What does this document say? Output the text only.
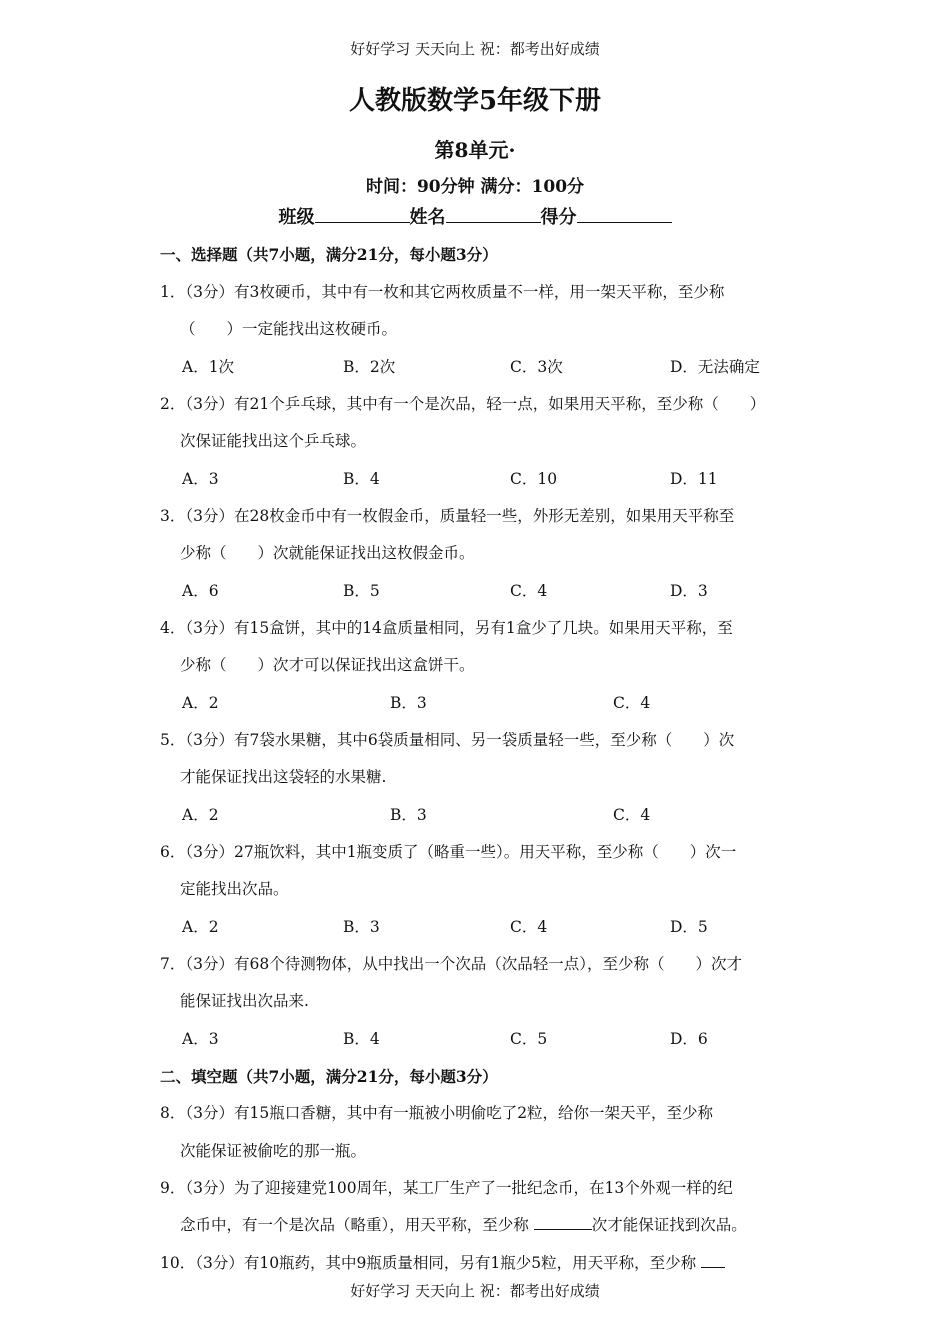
好好学习 天天向上 祝：都考出好成绩
人教版数学5年级下册
第8单元·
时间：90分钟 满分：100分
班级	姓名	得分
一、选择题（共7小题，满分21分，每小题3分）
1．（3分）有3枚硬币，其中有一枚和其它两枚质量不一样，用一架天平称，至少称
（　　）一定能找出这枚硬币。
A．1次	B．2次	C．3次	D．无法确定
2．（3分）有21个乒乓球，其中有一个是次品，轻一点，如果用天平称，至少称（　　）
次保证能找出这个乒乓球。
A．3	B．4	C．10	D．11
3．（3分）在28枚金币中有一枚假金币，质量轻一些，外形无差别，如果用天平称至
少称（　　）次就能保证找出这枚假金币。
A．6	B．5	C．4	D．3
4．（3分）有15盒饼，其中的14盒质量相同，另有1盒少了几块。如果用天平称，至
少称（　　）次才可以保证找出这盒饼干。
A．2	B．3	C．4
5．（3分）有7袋水果糖，其中6袋质量相同、另一袋质量轻一些，至少称（　　）次
才能保证找出这袋轻的水果糖.
A．2	B．3	C．4
6．（3分）27瓶饮料，其中1瓶变质了（略重一些）。用天平称，至少称（　　）次一
定能找出次品。
A．2	B．3	C．4	D．5
7．（3分）有68个待测物体，从中找出一个次品（次品轻一点），至少称（　　）次才
能保证找出次品来.
A．3	B．4	C．5	D．6
二、填空题（共7小题，满分21分，每小题3分）
8．（3分）有15瓶口香糖，其中有一瓶被小明偷吃了2粒，给你一架天平，至少称
次能保证被偷吃的那一瓶。
9．（3分）为了迎接建党100周年，某工厂生产了一批纪念币，在13个外观一样的纪
念币中，有一个是次品（略重），用天平称，至少称	次才能保证找到次品。
10．（3分）有10瓶药，其中9瓶质量相同，另有1瓶少5粒，用天平称，至少称
好好学习 天天向上 祝：都考出好成绩
